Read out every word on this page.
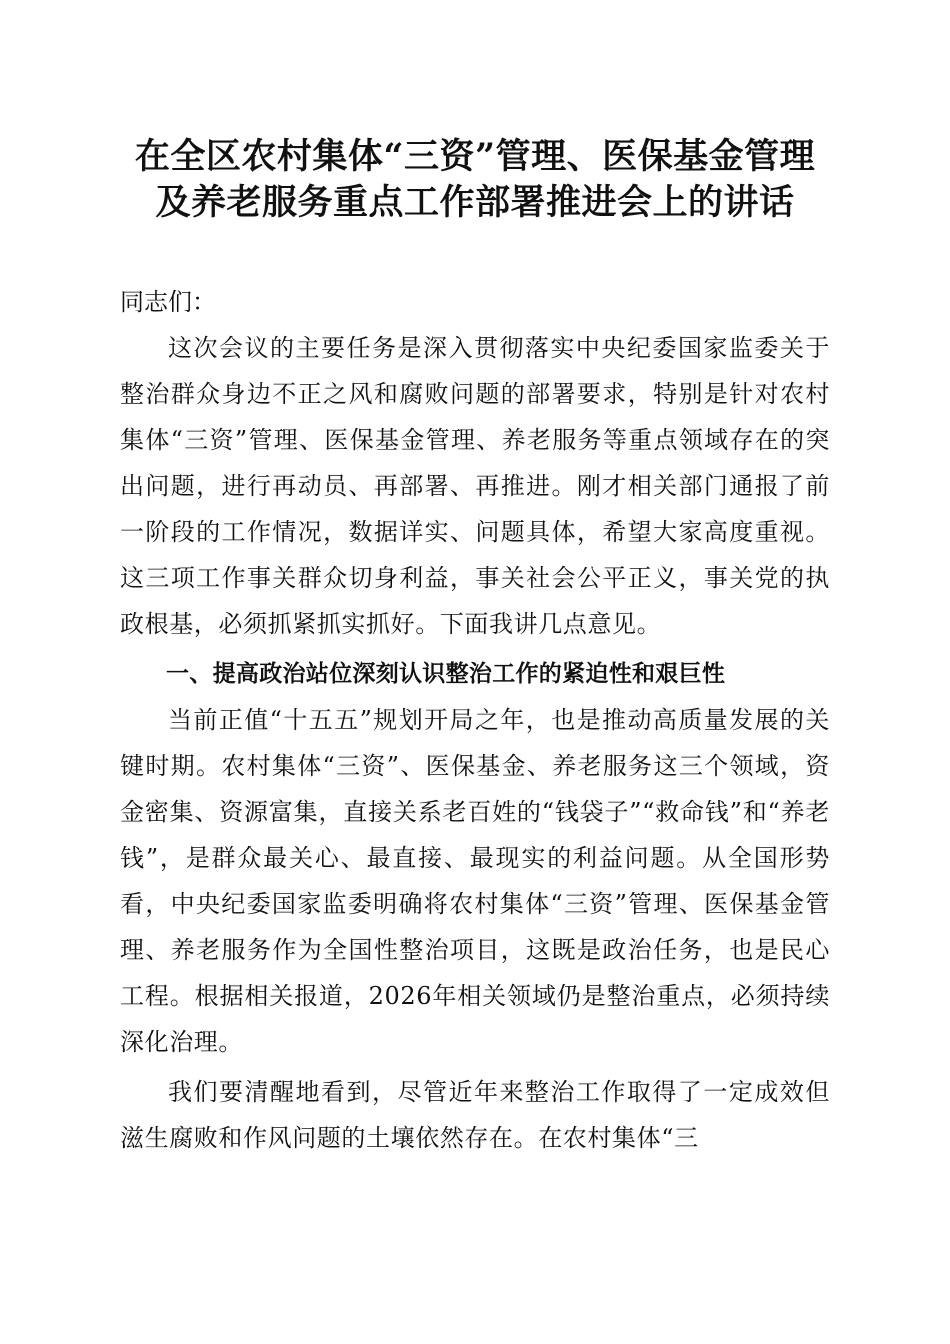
在全区农村集体“三资”管理、医保基金管理
及养老服务重点工作部署推进会上的讲话

同志们：

这次会议的主要任务是深入贯彻落实中央纪委国家监委关于整治群众身边不正之风和腐败问题的部署要求，特别是针对农村集体“三资”管理、医保基金管理、养老服务等重点领域存在的突出问题，进行再动员、再部署、再推进。刚才相关部门通报了前一阶段的工作情况，数据详实、问题具体，希望大家高度重视。这三项工作事关群众切身利益，事关社会公平正义，事关党的执政根基，必须抓紧抓实抓好。下面我讲几点意见。

一、提高政治站位深刻认识整治工作的紧迫性和艰巨性

当前正值“十五五”规划开局之年，也是推动高质量发展的关键时期。农村集体“三资”、医保基金、养老服务这三个领域，资金密集、资源富集，直接关系老百姓的“钱袋子”“救命钱”和“养老钱”，是群众最关心、最直接、最现实的利益问题。从全国形势看，中央纪委国家监委明确将农村集体“三资”管理、医保基金管理、养老服务作为全国性整治项目，这既是政治任务，也是民心工程。根据相关报道，2026年相关领域仍是整治重点，必须持续深化治理。

我们要清醒地看到，尽管近年来整治工作取得了一定成效但滋生腐败和作风问题的土壤依然存在。在农村集体“三
